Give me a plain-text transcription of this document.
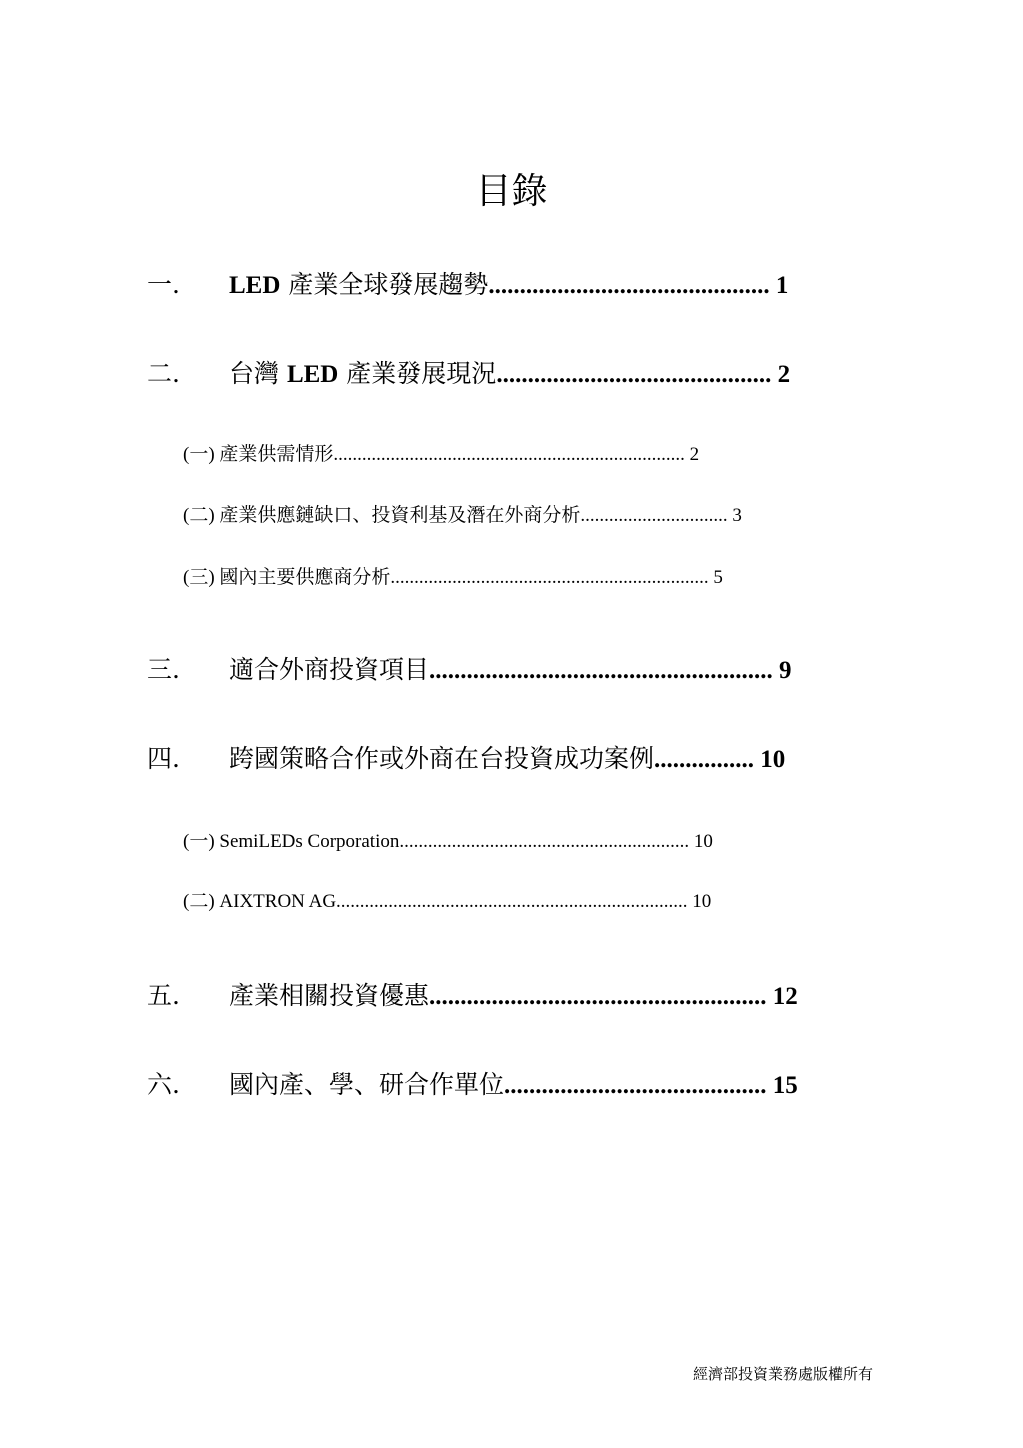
目錄
一.	LED 產業全球發展趨勢 ............................................. 1
二.	台灣 LED 產業發展現況 ............................................ 2
(一) 產業供需情形 .......................................................................... 2
(二) 產業供應鏈缺口、投資利基及潛在外商分析 ............................... 3
(三) 國內主要供應商分析 ................................................................... 5
三.	適合外商投資項目 ....................................................... 9
四.	跨國策略合作或外商在台投資成功案例 ................ 10
(一) SemiLEDs Corporation. ............................................................ 10
(二) AIXTRON AG .......................................................................... 10
五.	產業相關投資優惠 ...................................................... 12
六.	國內產、學、研合作單位 .......................................... 15
經濟部投資業務處版權所有
